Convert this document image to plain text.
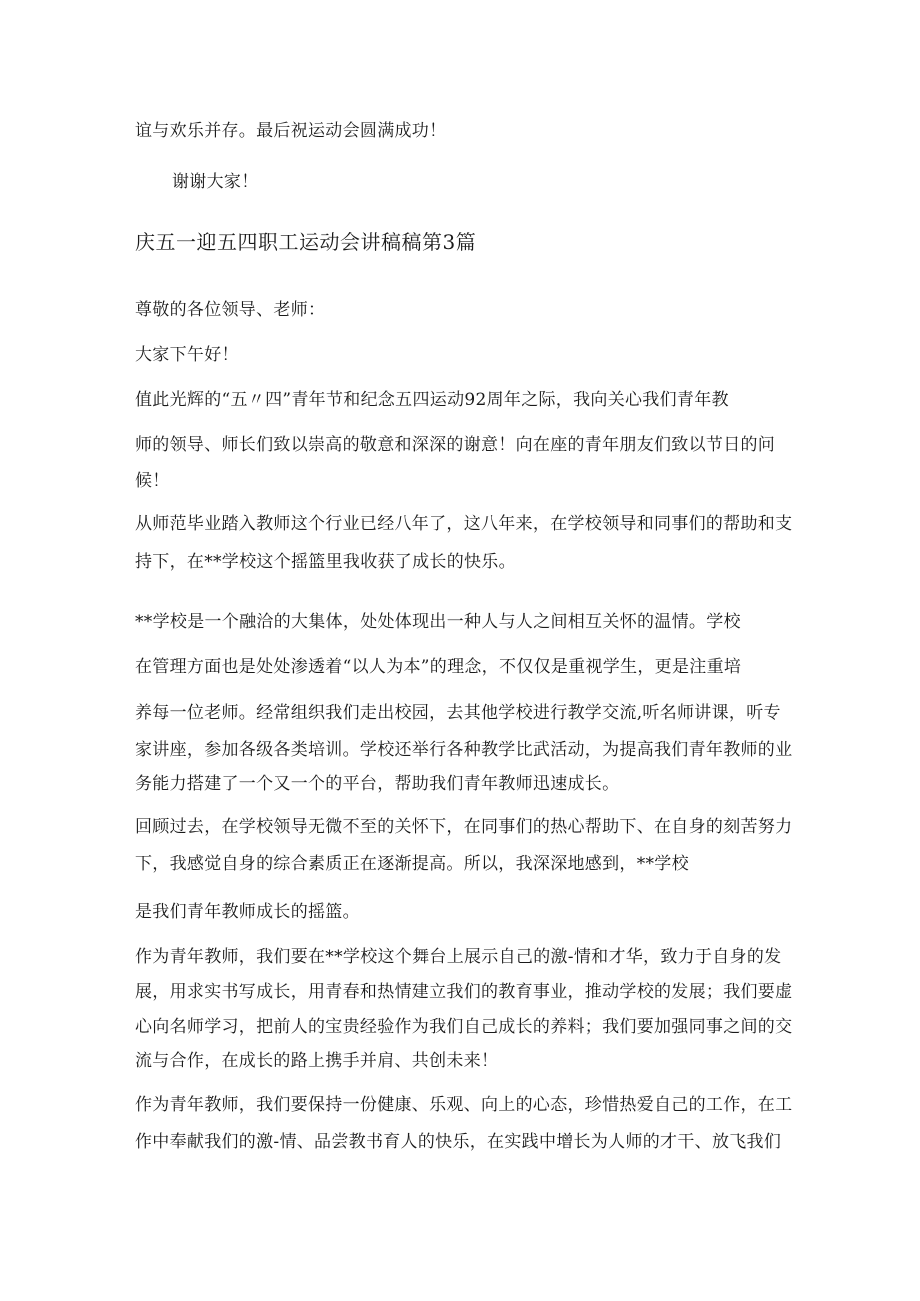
谊与欢乐并存。最后祝运动会圆满成功！
谢谢大家！
庆五一迎五四职工运动会讲稿稿第3篇
尊敬的各位领导、老师：
大家下午好！
值此光辉的“五〃四”青年节和纪念五四运动92周年之际，我向关心我们青年教
师的领导、师长们致以崇高的敬意和深深的谢意！向在座的青年朋友们致以节日的问
候！
从师范毕业踏入教师这个行业已经八年了，这八年来，在学校领导和同事们的帮助和支
持下，在**学校这个摇篮里我收获了成长的快乐。
**学校是一个融洽的大集体，处处体现出一种人与人之间相互关怀的温情。学校
在管理方面也是处处渗透着“以人为本”的理念，不仅仅是重视学生，更是注重培
养每一位老师。经常组织我们走出校园，去其他学校进行教学交流,听名师讲课，听专
家讲座，参加各级各类培训。学校还举行各种教学比武活动，为提高我们青年教师的业
务能力搭建了一个又一个的平台，帮助我们青年教师迅速成长。
回顾过去，在学校领导无微不至的关怀下，在同事们的热心帮助下、在自身的刻苦努力
下，我感觉自身的综合素质正在逐渐提高。所以，我深深地感到，**学校
是我们青年教师成长的摇篮。
作为青年教师，我们要在**学校这个舞台上展示自己的激-情和才华，致力于自身的发
展，用求实书写成长，用青春和热情建立我们的教育事业，推动学校的发展；我们要虚
心向名师学习，把前人的宝贵经验作为我们自己成长的养料；我们要加强同事之间的交
流与合作，在成长的路上携手并肩、共创未来！
作为青年教师，我们要保持一份健康、乐观、向上的心态，珍惜热爱自己的工作，在工
作中奉献我们的激-情、品尝教书育人的快乐，在实践中增长为人师的才干、放飞我们
